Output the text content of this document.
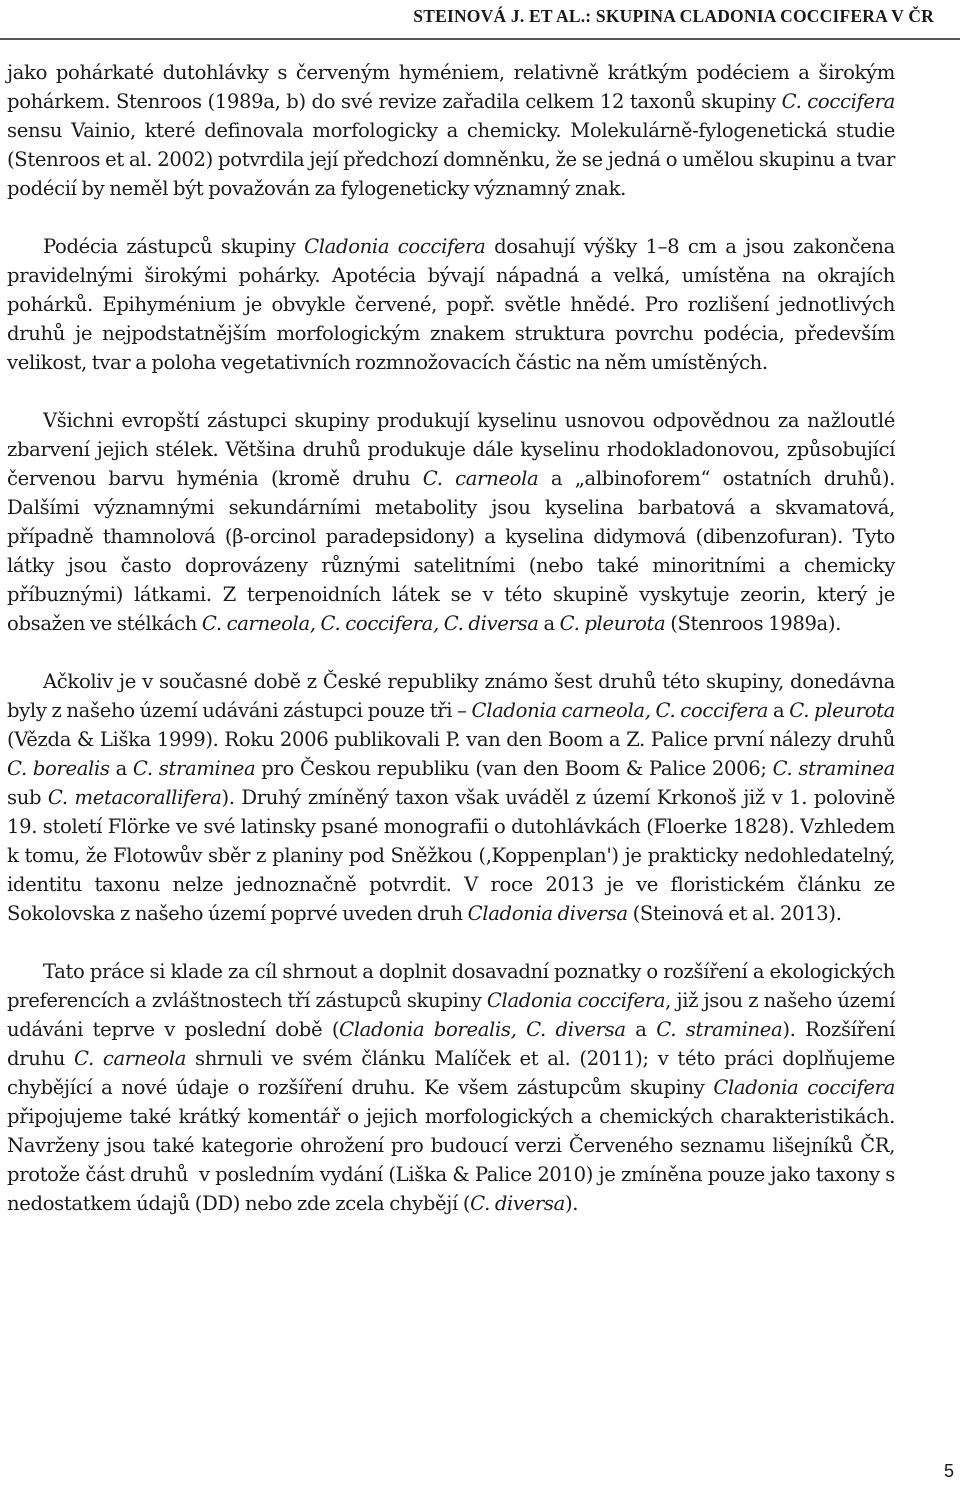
STEINOVÁ J. ET AL.: SKUPINA CLADONIA COCCIFERA V ČR

jako pohárkaté dutohlávky s červeným hyméniem, relativně krátkým podéciem a širokým pohárkem. Stenroos (1989a, b) do své revize zařadila celkem 12 taxonů skupiny C. coccifera sensu Vainio, které definovala morfologicky a chemicky. Molekulárně-fylogenetická studie (Stenroos et al. 2002) potvrdila její předchozí domněnku, že se jedná o umělou skupinu a tvar podécií by neměl být považován za fylogeneticky významný znak.

Podécia zástupců skupiny Cladonia coccifera dosahují výšky 1–8 cm a jsou zakončena pravidelnými širokými pohárky. Apotécia bývají nápadná a velká, umístěna na okrajích pohárků. Epihyménium je obvykle červené, popř. světle hnědé. Pro rozlišení jednotlivých druhů je nejpodstatnějším morfologickým znakem struktura povrchu podécia, především velikost, tvar a poloha vegetativních rozmnožovacích částic na něm umístěných.

Všichni evropští zástupci skupiny produkují kyselinu usnovou odpovědnou za nažloutlé zbarvení jejich stélek. Většina druhů produkuje dále kyselinu rhodokladonovou, způsobující červenou barvu hyménia (kromě druhu C. carneola a „albinoforem“ ostatních druhů). Dalšími významnými sekundárními metabolity jsou kyselina barbatová a skvamatová, případně thamnolová (β-orcinol paradepsidony) a kyselina didymová (dibenzofuran). Tyto látky jsou často doprovázeny různými satelitními (nebo také minoritními a chemicky příbuznými) látkami. Z terpenoidních látek se v této skupině vyskytuje zeorin, který je obsažen ve stélkách C. carneola, C. coccifera, C. diversa a C. pleurota (Stenroos 1989a).

Ačkoliv je v současné době z České republiky známo šest druhů této skupiny, donedávna byly z našeho území udáváni zástupci pouze tři – Cladonia carneola, C. coccifera a C. pleurota (Vězda & Liška 1999). Roku 2006 publikovali P. van den Boom a Z. Palice první nálezy druhů C. borealis a C. straminea pro Českou republiku (van den Boom & Palice 2006; C. straminea sub C. metacorallifera). Druhý zmíněný taxon však uváděl z území Krkonoš již v 1. polovině 19. století Flörke ve své latinsky psané monografii o dutohlávkách (Floerke 1828). Vzhledem k tomu, že Flotowův sběr z planiny pod Sněžkou (‚Koppenplan') je prakticky nedohledatelný, identitu taxonu nelze jednoznačně potvrdit. V roce 2013 je ve floristickém článku ze Sokolovska z našeho území poprvé uveden druh Cladonia diversa (Steinová et al. 2013).

Tato práce si klade za cíl shrnout a doplnit dosavadní poznatky o rozšíření a ekologických preferencích a zvláštnostech tří zástupců skupiny Cladonia coccifera, již jsou z našeho území udáváni teprve v poslední době (Cladonia borealis, C. diversa a C. straminea). Rozšíření druhu C. carneola shrnuli ve svém článku Malíček et al. (2011); v této práci doplňujeme chybějící a nové údaje o rozšíření druhu. Ke všem zástupcům skupiny Cladonia coccifera připojujeme také krátký komentář o jejich morfologických a chemických charakteristikách. Navrženy jsou také kategorie ohrožení pro budoucí verzi Červeného seznamu lišejníků ČR, protože část druhů  v posledním vydání (Liška & Palice 2010) je zmíněna pouze jako taxony s nedostatkem údajů (DD) nebo zde zcela chybějí (C. diversa).

5
